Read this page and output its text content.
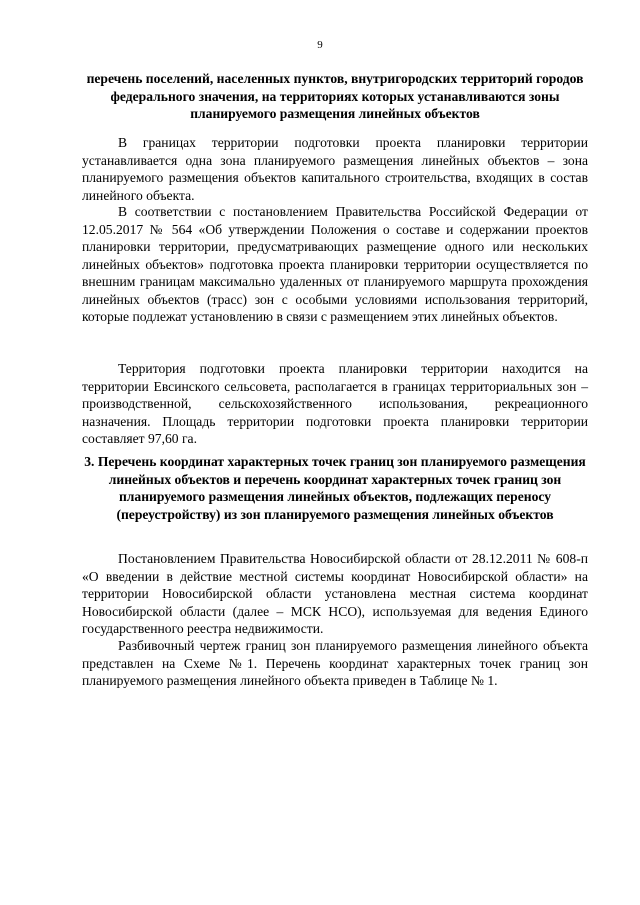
9
перечень поселений, населенных пунктов, внутригородских территорий городов федерального значения, на территориях которых устанавливаются зоны планируемого размещения линейных объектов

В границах территории подготовки проекта планировки территории устанавливается одна зона планируемого размещения линейных объектов – зона планируемого размещения объектов капитального строительства, входящих в состав линейного объекта.

В соответствии с постановлением Правительства Российской Федерации от 12.05.2017 № 564 «Об утверждении Положения о составе и содержании проектов планировки территории, предусматривающих размещение одного или нескольких линейных объектов» подготовка проекта планировки территории осуществляется по внешним границам максимально удаленных от планируемого маршрута прохождения линейных объектов (трасс) зон с особыми условиями использования территорий, которые подлежат установлению в связи с размещением этих линейных объектов.

Территория подготовки проекта планировки территории находится на территории Евсинского сельсовета, располагается в границах территориальных зон – производственной, сельскохозяйственного использования, рекреационного назначения. Площадь территории подготовки проекта планировки территории составляет 97,60 га.

3. Перечень координат характерных точек границ зон планируемого размещения линейных объектов и перечень координат характерных точек границ зон планируемого размещения линейных объектов, подлежащих переносу (переустройству) из зон планируемого размещения линейных объектов

Постановлением Правительства Новосибирской области от 28.12.2011 № 608-п «О введении в действие местной системы координат Новосибирской области» на территории Новосибирской области установлена местная система координат Новосибирской области (далее – МСК НСО), используемая для ведения Единого государственного реестра недвижимости.

Разбивочный чертеж границ зон планируемого размещения линейного объекта представлен на Схеме №1. Перечень координат характерных точек границ зон планируемого размещения линейного объекта приведен в Таблице № 1.
